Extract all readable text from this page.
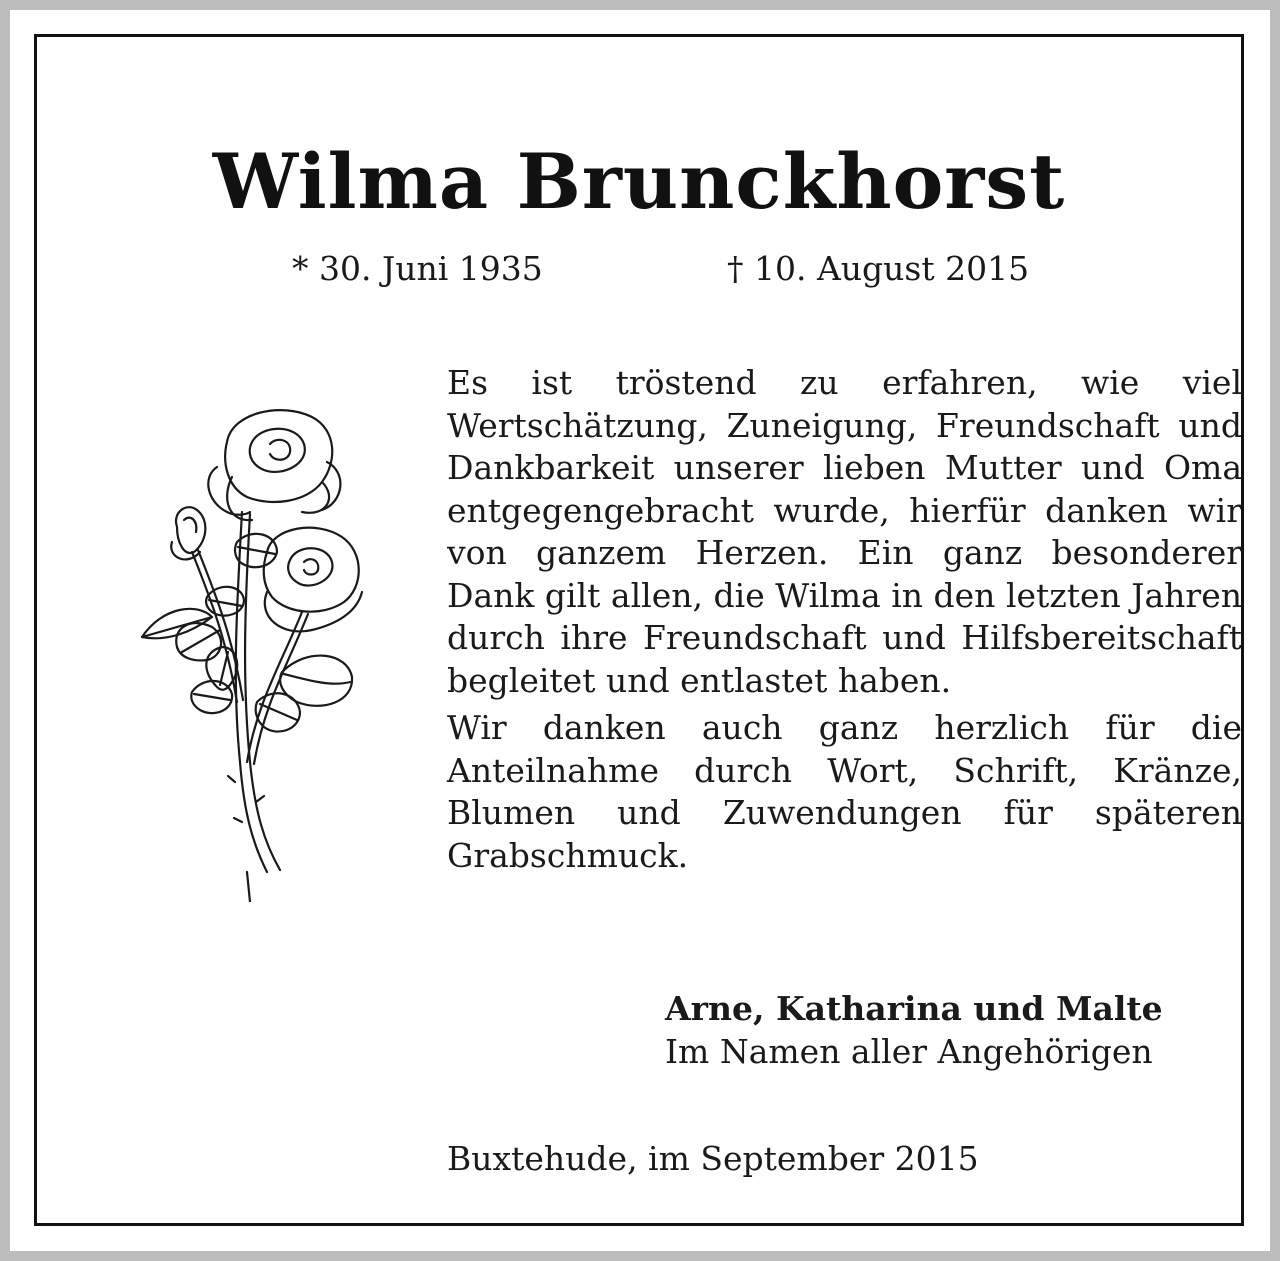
Wilma Brunckhorst
* 30. Juni 1935	† 10. August 2015

Es ist tröstend zu erfahren, wie viel Wertschätzung, Zuneigung, Freundschaft und Dankbarkeit unserer lieben Mutter und Oma entgegengebracht wurde, hierfür danken wir von ganzem Herzen. Ein ganz besonderer Dank gilt allen, die Wilma in den letzten Jahren durch ihre Freundschaft und Hilfsbereitschaft begleitet und entlastet haben.

Wir danken auch ganz herzlich für die Anteilnahme durch Wort, Schrift, Kränze, Blumen und Zuwendungen für späteren Grabschmuck.

Arne, Katharina und Malte
Im Namen aller Angehörigen
Buxtehude, im September 2015
